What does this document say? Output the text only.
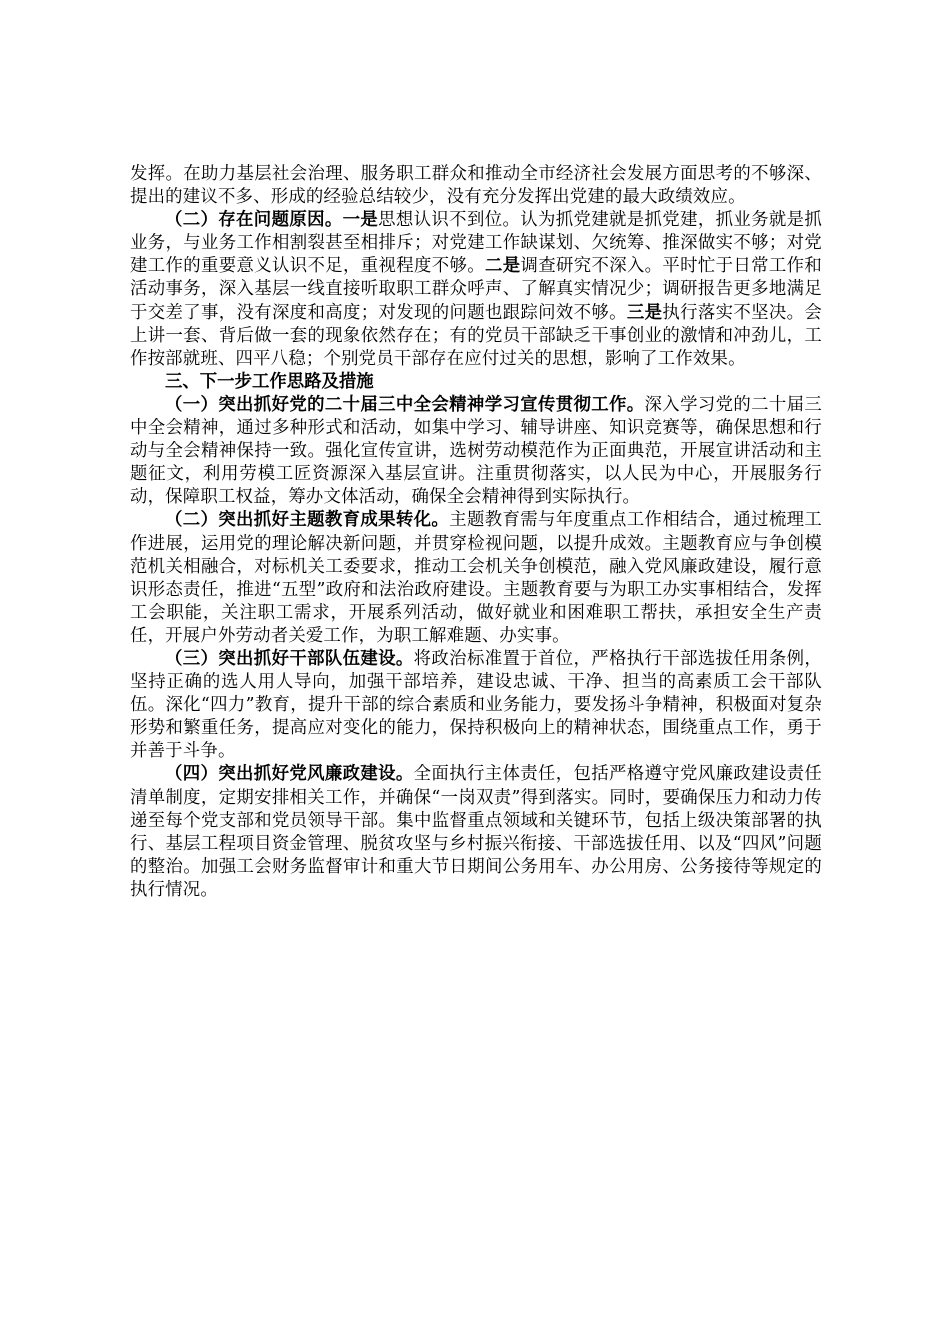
发挥。在助力基层社会治理、服务职工群众和推动全市经济社会发展方面思考的不够深、提出的建议不多、形成的经验总结较少，没有充分发挥出党建的最大政绩效应。

（二）存在问题原因。一是思想认识不到位。认为抓党建就是抓党建，抓业务就是抓业务，与业务工作相割裂甚至相排斥；对党建工作缺谋划、欠统筹、推深做实不够；对党建工作的重要意义认识不足，重视程度不够。二是调查研究不深入。平时忙于日常工作和活动事务，深入基层一线直接听取职工群众呼声、了解真实情况少；调研报告更多地满足于交差了事，没有深度和高度；对发现的问题也跟踪问效不够。三是执行落实不坚决。会上讲一套、背后做一套的现象依然存在；有的党员干部缺乏干事创业的激情和冲劲儿，工作按部就班、四平八稳；个别党员干部存在应付过关的思想，影响了工作效果。

三、下一步工作思路及措施

（一）突出抓好党的二十届三中全会精神学习宣传贯彻工作。深入学习党的二十届三中全会精神，通过多种形式和活动，如集中学习、辅导讲座、知识竞赛等，确保思想和行动与全会精神保持一致。强化宣传宣讲，选树劳动模范作为正面典范，开展宣讲活动和主题征文，利用劳模工匠资源深入基层宣讲。注重贯彻落实，以人民为中心，开展服务行动，保障职工权益，筹办文体活动，确保全会精神得到实际执行。

（二）突出抓好主题教育成果转化。主题教育需与年度重点工作相结合，通过梳理工作进展，运用党的理论解决新问题，并贯穿检视问题，以提升成效。主题教育应与争创模范机关相融合，对标机关工委要求，推动工会机关争创模范，融入党风廉政建设，履行意识形态责任，推进“五型”政府和法治政府建设。主题教育要与为职工办实事相结合，发挥工会职能，关注职工需求，开展系列活动，做好就业和困难职工帮扶，承担安全生产责任，开展户外劳动者关爱工作，为职工解难题、办实事。

（三）突出抓好干部队伍建设。将政治标准置于首位，严格执行干部选拔任用条例，坚持正确的选人用人导向，加强干部培养，建设忠诚、干净、担当的高素质工会干部队伍。深化“四力”教育，提升干部的综合素质和业务能力，要发扬斗争精神，积极面对复杂形势和繁重任务，提高应对变化的能力，保持积极向上的精神状态，围绕重点工作，勇于并善于斗争。

（四）突出抓好党风廉政建设。全面执行主体责任，包括严格遵守党风廉政建设责任清单制度，定期安排相关工作，并确保“一岗双责”得到落实。同时，要确保压力和动力传递至每个党支部和党员领导干部。集中监督重点领域和关键环节，包括上级决策部署的执行、基层工程项目资金管理、脱贫攻坚与乡村振兴衔接、干部选拔任用、以及“四风”问题的整治。加强工会财务监督审计和重大节日期间公务用车、办公用房、公务接待等规定的执行情况。
